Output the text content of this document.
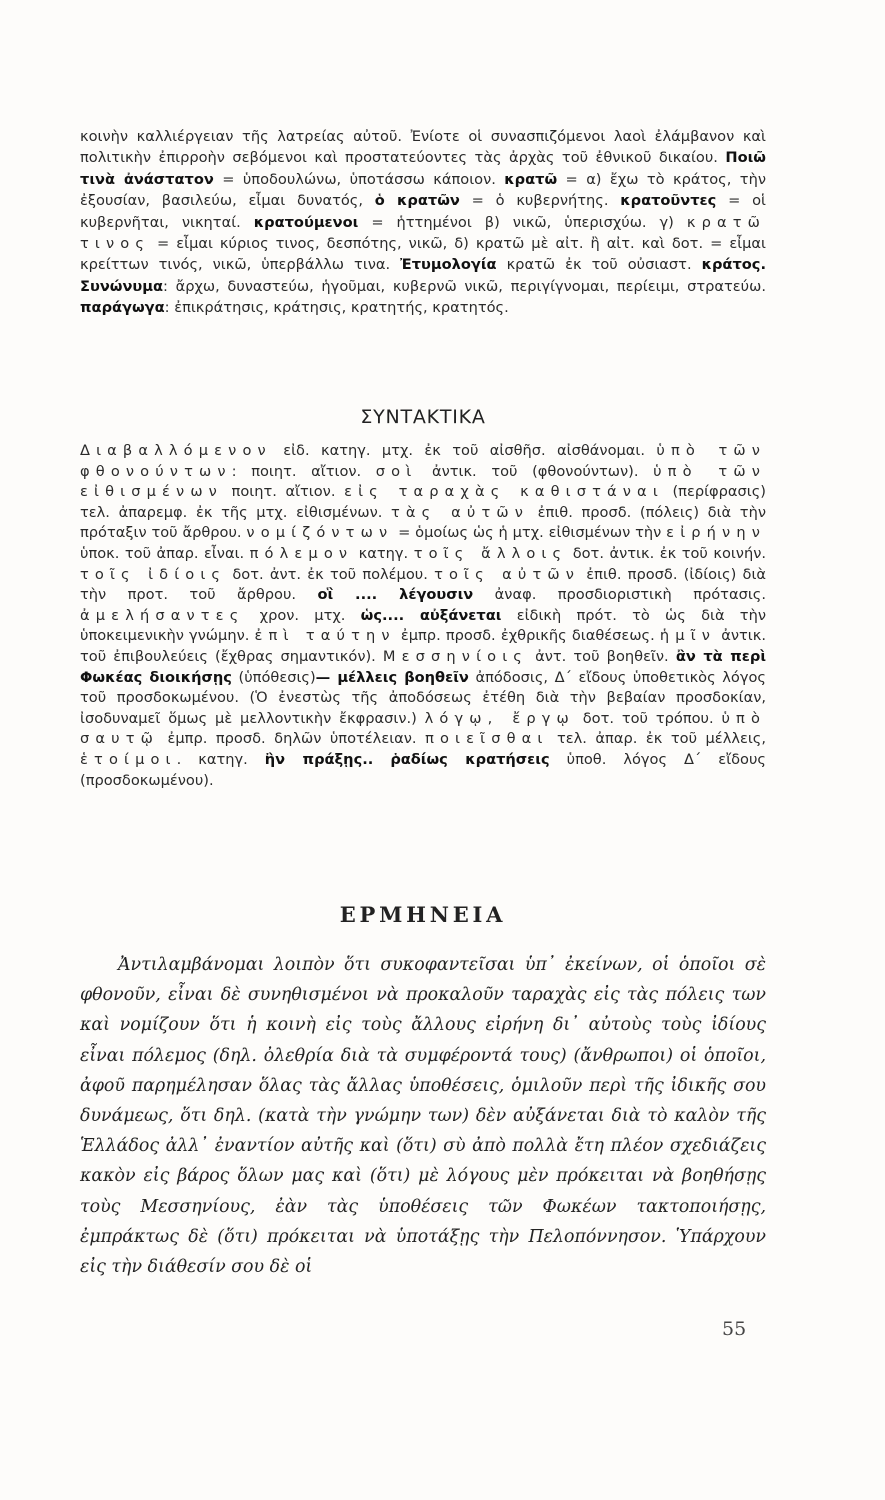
κοινὴν καλλιέργειαν τῆς λατρείας αὐτοῦ. Ἐνίοτε οἱ συνασπιζόμενοι λαοὶ ἐλάμβανον καὶ πολιτικὴν ἐπιρροὴν σεβόμενοι καὶ προστατεύοντες τὰς ἀρχὰς τοῦ ἐθνικοῦ δικαίου. Ποιῶ τινὰ ἀνάστατον = ὑποδουλώνω, ὑποτάσσω κάποιον. κρατῶ = α) ἔχω τὸ κράτος, τὴν ἐξουσίαν, βασιλεύω, εἶμαι δυνατός, ὁ κρατῶν = ὁ κυβερνήτης. κρατοῦντες = οἱ κυβερνῆται, νικηταί. κρατούμενοι = ἡττημένοι β) νικῶ, ὑπερισχύω. γ) κρατῶ τινος = εἶμαι κύριος τινος, δεσπότης, νικῶ, δ) κρατῶ μὲ αἰτ. ἢ αἰτ. καὶ δοτ. = εἶμαι κρείττων τινός, νικῶ, ὑπερβάλλω τινα. Ἐτυμολογία κρατῶ ἐκ τοῦ οὐσιαστ. κράτος. Συνώνυμα: ἄρχω, δυναστεύω, ἡγοῦμαι, κυβερνῶ νικῶ, περιγίγνομαι, περίειμι, στρατεύω. παράγωγα: ἐπικράτησις, κράτησις, κρατητής, κρατητός.
ΣΥΝΤΑΚΤΙΚΑ
Διαβαλλόμενον εἰδ. κατηγ. μτχ. ἐκ τοῦ αἰσθῆσ. αἰσθάνομαι. ὑπὸ τῶν φθονούντων: ποιητ. αἴτιον. σοὶ ἀντικ. τοῦ (φθονούντων). ὑπὸ τῶν εἰθισμένων ποιητ. αἴτιον. εἰς ταραχὰς καθιστάναι (περίφρασις) τελ. ἀπαρεμφ. ἐκ τῆς μτχ. εἰθισμένων. τὰς αὐτῶν ἐπιθ. προσδ. (πόλεις) διὰ τὴν πρόταξιν τοῦ ἄρθρου. νομίζόντων = ὁμοίως ὡς ἡ μτχ. εἰθισμένων τὴν εἰρήνην ὑποκ. τοῦ ἀπαρ. εἶναι. πόλεμον κατηγ. τοῖς ἄλλοις δοτ. ἀντικ. ἐκ τοῦ κοινήν. τοῖς ἰδίοις δοτ. ἀντ. ἐκ τοῦ πολέμου. τοῖς αὐτῶν ἐπιθ. προσδ. (ἰδίοις) διὰ τὴν προτ. τοῦ ἄρθρου. οἳ .... λέγουσιν ἀναφ. προσδιοριστικὴ πρότασις. ἀμελήσαντες χρον. μτχ. ὡς.... αὐξάνεται εἰδικὴ πρότ. τὸ ὡς διὰ τὴν ὑποκειμενικὴν γνώμην. ἐπὶ ταύτην ἐμπρ. προσδ. ἐχθρικῆς διαθέσεως. ἡμῖν ἀντικ. τοῦ ἐπιβουλεύεις (ἔχθρας σημαντικόν). Μεσσηνίοις ἀντ. τοῦ βοηθεῖν. ἂν τὰ περὶ Φωκέας διοικήσῃς (ὑπόθεσις)— μέλλεις βοηθεῖν ἀπόδοσις, Δ´ εἴδους ὑποθετικὸς λόγος τοῦ προσδοκωμένου. (Ὁ ἐνεστὼς τῆς ἀποδόσεως ἐτέθη διὰ τὴν βεβαίαν προσδοκίαν, ἰσοδυναμεῖ ὅμως μὲ μελλοντικὴν ἔκφρασιν.) λόγῳ, ἔργῳ δοτ. τοῦ τρόπου. ὑπὸ σαυτῷ ἐμπρ. προσδ. δηλῶν ὑποτέλειαν. ποιεῖσθαι τελ. ἀπαρ. ἐκ τοῦ μέλλεις, ἑτοίμοι. κατηγ. ἢν πράξῃς.. ῥαδίως κρατήσεις ὑποθ. λόγος Δ´ εἴδους (προσδοκωμένου).
ΕΡΜΗΝΕΙΑ
Ἀντιλαμβάνομαι λοιπὸν ὅτι συκοφαντεῖσαι ὑπ᾽ ἐκείνων, οἱ ὁποῖοι σὲ φθονοῦν, εἶναι δὲ συνηθισμένοι νὰ προκαλοῦν ταραχὰς εἰς τὰς πόλεις των καὶ νομίζουν ὅτι ἡ κοινὴ εἰς τοὺς ἄλλους εἰρήνη δι᾽ αὐτοὺς τοὺς ἰδίους εἶναι πόλεμος (δηλ. ὀλεθρία διὰ τὰ συμφέροντά τους) (ἄνθρωποι) οἱ ὁποῖοι, ἀφοῦ παρημέλησαν ὅλας τὰς ἄλλας ὑποθέσεις, ὁμιλοῦν περὶ τῆς ἰδικῆς σου δυνάμεως, ὅτι δηλ. (κατὰ τὴν γνώμην των) δὲν αὐξάνεται διὰ τὸ καλὸν τῆς Ἑλλάδος ἀλλ᾽ ἐναντίον αὐτῆς καὶ (ὅτι) σὺ ἀπὸ πολλὰ ἔτη πλέον σχεδιάζεις κακὸν εἰς βάρος ὅλων μας καὶ (ὅτι) μὲ λόγους μὲν πρόκειται νὰ βοηθήσῃς τοὺς Μεσσηνίους, ἐὰν τὰς ὑποθέσεις τῶν Φωκέων τακτοποιήσῃς, ἐμπράκτως δὲ (ὅτι) πρόκειται νὰ ὑποτάξῃς τὴν Πελοπόννησον. Ὑπάρχουν εἰς τὴν διάθεσίν σου δὲ οἱ
55
